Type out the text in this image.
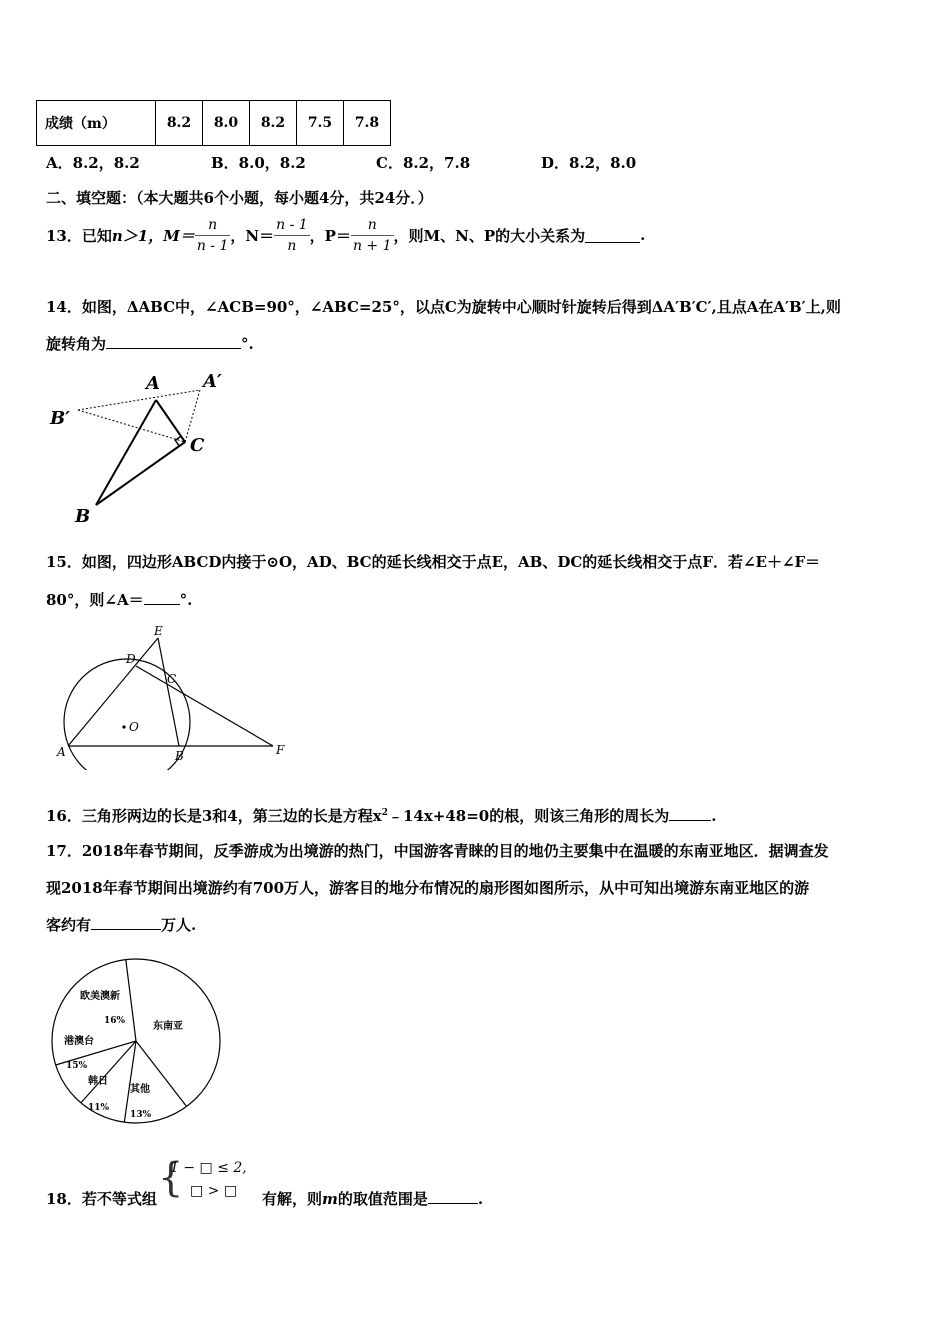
成绩（m）	8.2	8.0	8.2	7.5	7.8
A．8.2，8.2	B．8.0，8.2	C．8.2，7.8	D．8.2，8.0
二、填空题：（本大题共6个小题，每小题4分，共24分．）
13．已知 n＞1，$M= \frac{n}{n - 1}$ ，$N= \frac{n - 1}{n}$ ，$P= \frac{n}{n + 1}$ ，则M、N、P的大小关系为	.
14．如图，ΔABC中，∠ACB=90°，∠ABC=25°，以点C为旋转中心顺时针旋转后得到ΔA′B′C′,且点A在A′B′上,则
旋转角为	°.
A A′
B′
C
B
15．如图，四边形ABCD内接于⊙O，AD、BC的延长线相交于点E，AB、DC的延长线相交于点F．若∠E＋∠F＝
80°，则∠A＝ °.
E
D
C
O
A	B	F
16．三角形两边的长是3和4，第三边的长是方程$x^2﹣14x+48=0$的根，则该三角形的周长为	.
17．2018年春节期间，反季游成为出境游的热门，中国游客青睐的目的地仍主要集中在温暖的东南亚地区．据调查发
现2018年春节期间出境游约有700万人，游客目的地分布情况的扇形图如图所示，从中可知出境游东南亚地区的游
客约有	万人.
东南亚
欧美澳新
16%
港澳台
15%
韩日
11%
其他
13%
18．若不等式组 {
1 − □ ≤ 2,
□ > □ 有解，则m的取值范围是	.
